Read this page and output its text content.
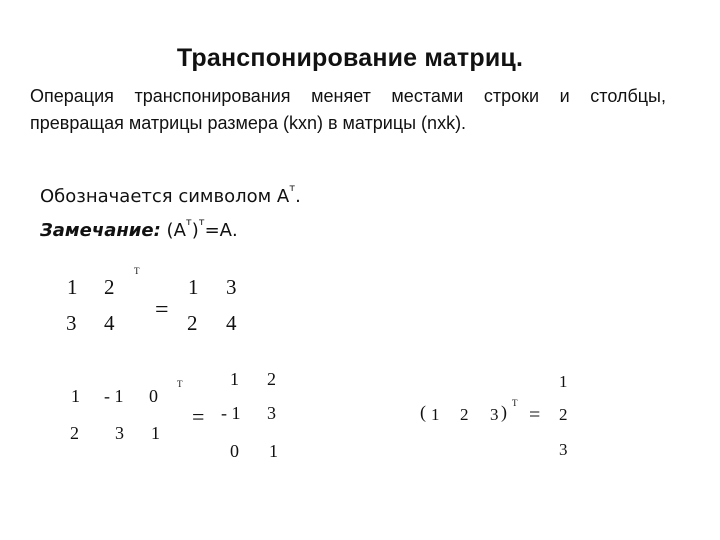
Транспонирование матриц.
Операция транспонирования меняет местами строки и столбцы, превращая матрицы размера (kxn) в матрицы (nxk).
Обозначается символом $А^т$.
Замечание: $(А^т)^т=А$.
1 2
3 4
T
=
1 3
2 4
1 - 1 0
2 3 1
T
=
1 2
- 1 3
0 1
( 1 2 3 ) T
=
1
2
3
